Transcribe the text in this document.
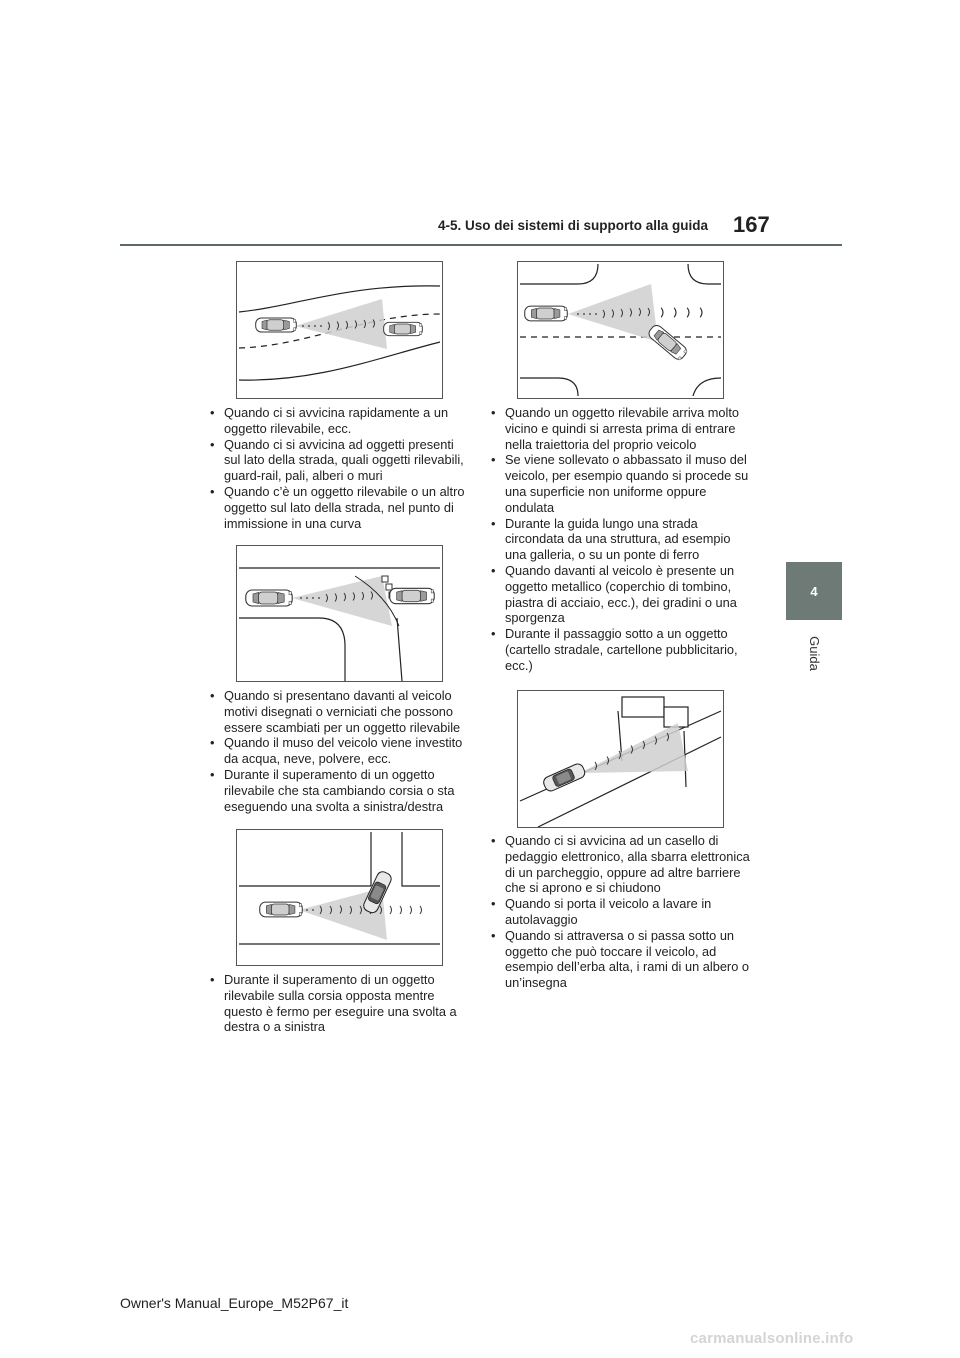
4-5. Uso dei sistemi di supporto alla guida 167
4
Guida
• Quando ci si avvicina rapidamente a un oggetto rilevabile, ecc.
• Quando ci si avvicina ad oggetti presenti sul lato della strada, quali oggetti rilevabili, guard-rail, pali, alberi o muri
• Quando c’è un oggetto rilevabile o un altro oggetto sul lato della strada, nel punto di immissione in una curva
• Quando si presentano davanti al veicolo motivi disegnati o verniciati che possono essere scambiati per un oggetto rilevabile
• Quando il muso del veicolo viene investito da acqua, neve, polvere, ecc.
• Durante il superamento di un oggetto rilevabile che sta cambiando corsia o sta eseguendo una svolta a sinistra/destra
• Durante il superamento di un oggetto rilevabile sulla corsia opposta mentre questo è fermo per eseguire una svolta a destra o a sinistra
• Quando un oggetto rilevabile arriva molto vicino e quindi si arresta prima di entrare nella traiettoria del proprio veicolo
• Se viene sollevato o abbassato il muso del veicolo, per esempio quando si procede su una superficie non uniforme oppure ondulata
• Durante la guida lungo una strada circondata da una struttura, ad esempio una galleria, o su un ponte di ferro
• Quando davanti al veicolo è presente un oggetto metallico (coperchio di tombino, piastra di acciaio, ecc.), dei gradini o una sporgenza
• Durante il passaggio sotto a un oggetto (cartello stradale, cartellone pubblicitario, ecc.)
• Quando ci si avvicina ad un casello di pedaggio elettronico, alla sbarra elettronica di un parcheggio, oppure ad altre barriere che si aprono e si chiudono
• Quando si porta il veicolo a lavare in autolavaggio
• Quando si attraversa o si passa sotto un oggetto che può toccare il veicolo, ad esempio dell’erba alta, i rami di un albero o un’insegna
Owner's Manual_Europe_M52P67_it
carmanualsonline.info
